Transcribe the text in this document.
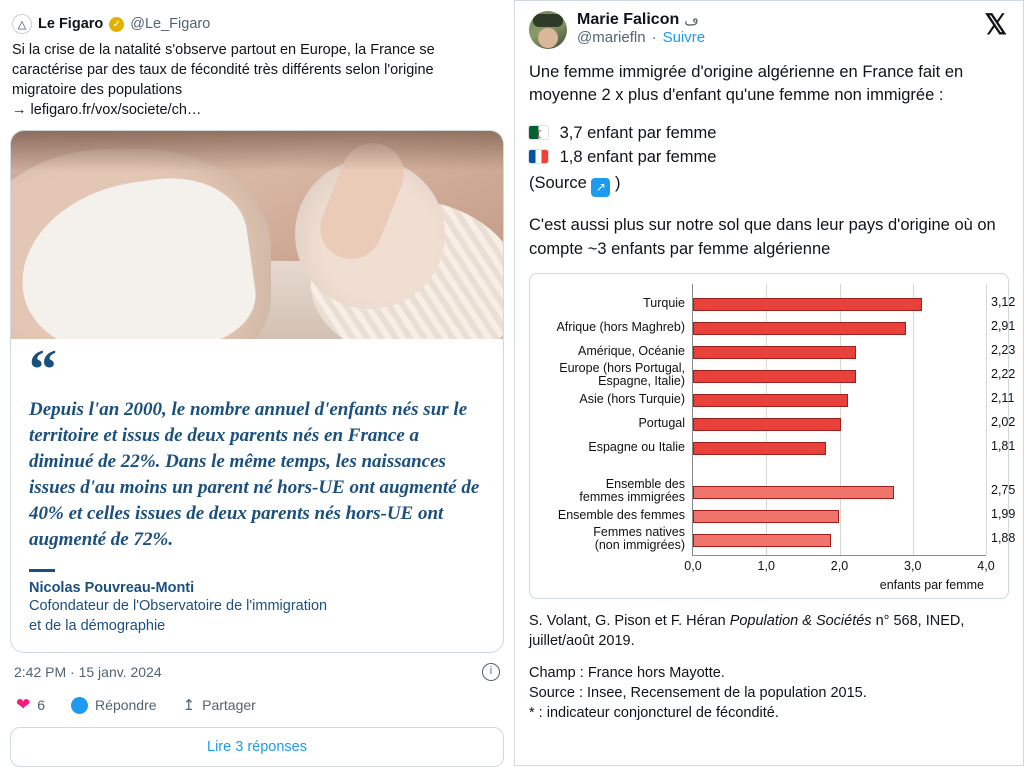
△ Le Figaro ✓ @Le_Figaro
Si la crise de la natalité s'observe partout en Europe, la France se caractérise par des taux de fécondité très différents selon l'origine migratoire des populations
→ lefigaro.fr/vox/societe/ch…
“
Depuis l'an 2000, le nombre annuel d'enfants nés sur le territoire et issus de deux parents nés en France a diminué de 22%. Dans le même temps, les naissances issues d'au moins un parent né hors-UE ont augmenté de 40% et celles issues de deux parents nés hors-UE ont augmenté de 72%.
Nicolas Pouvreau-Monti
Cofondateur de l'Observatoire de l'immigration
et de la démographie
2:42 PM · 15 janv. 2024	i
❤ 6	Répondre ↥ Partager
Lire 3 réponses
Marie Falicon ڡ
@mariefln · Suivre	𝕏
Une femme immigrée d'origine algérienne en France fait en moyenne 2 x plus d'enfant qu'une femme non immigrée :
☾ 3,7 enfant par femme
1,8 enfant par femme
(Source ↗ )
C'est aussi plus sur notre sol que dans leur pays d'origine où on compte ~3 enfants par femme algérienne
0,0	1,0	2,0	3,0	4,0
Turquie	3,12
Afrique (hors Maghreb)	2,91
Amérique, Océanie	2,23
Europe (hors Portugal,
Espagne, Italie)	2,22
Asie (hors Turquie)	2,11
Portugal	2,02
Espagne ou Italie	1,81
Ensemble des
femmes immigrées	2,75
Ensemble des femmes	1,99
Femmes natives
(non immigrées)	1,88
enfants par femme
S. Volant, G. Pison et F. Héran Population & Sociétés n° 568, INED,
juillet/août 2019.
Champ : France hors Mayotte.
Source : Insee, Recensement de la population 2015.
* : indicateur conjoncturel de fécondité.
